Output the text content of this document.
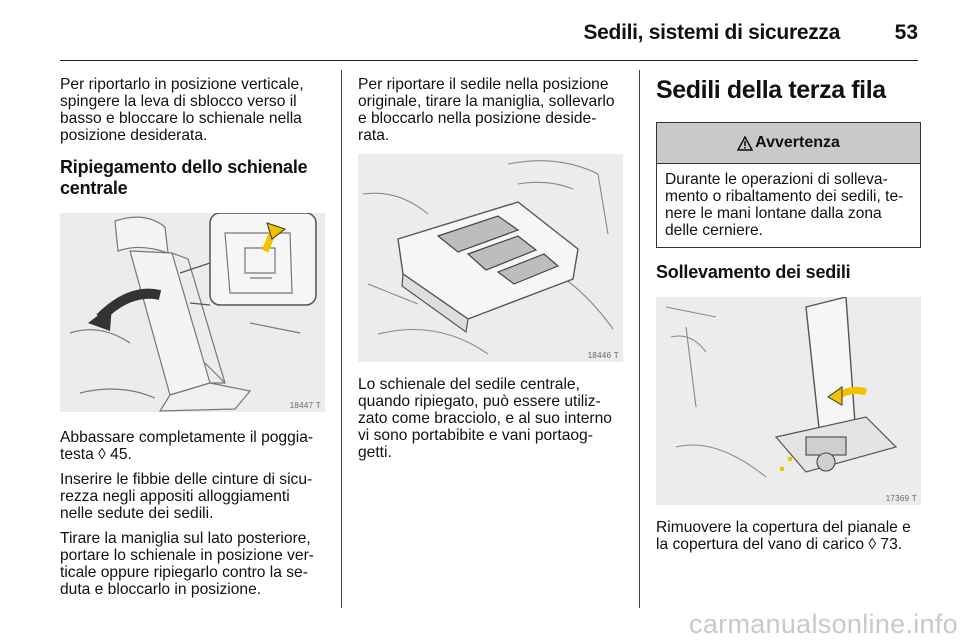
Sedili, sistemi di sicurezza	53

Per riportarlo in posizione verticale, spingere la leva di sblocco verso il basso e bloccare lo schienale nella posizione desiderata.

Ripiegamento dello schienale centrale
18447 T

Abbassare completamente il poggia-testa ◊ 45.

Inserire le fibbie delle cinture di sicu-rezza negli appositi alloggiamenti nelle sedute dei sedili.

Tirare la maniglia sul lato posteriore, portare lo schienale in posizione ver-ticale oppure ripiegarlo contro la se-duta e bloccarlo in posizione.

Per riportare il sedile nella posizione originale, tirare la maniglia, sollevarlo e bloccarlo nella posizione deside-rata.

18446 T

Lo schienale del sedile centrale, quando ripiegato, può essere utiliz-zato come bracciolo, e al suo interno vi sono portabibite e vani portaog-getti.

Sedili della terza fila
Avvertenza

Durante le operazioni di solleva-mento o ribaltamento dei sedili, te-nere le mani lontane dalla zona delle cerniere.

Sollevamento dei sedili
17369 T

Rimuovere la copertura del pianale e la copertura del vano di carico ◊ 73.

carmanualsonline.info
